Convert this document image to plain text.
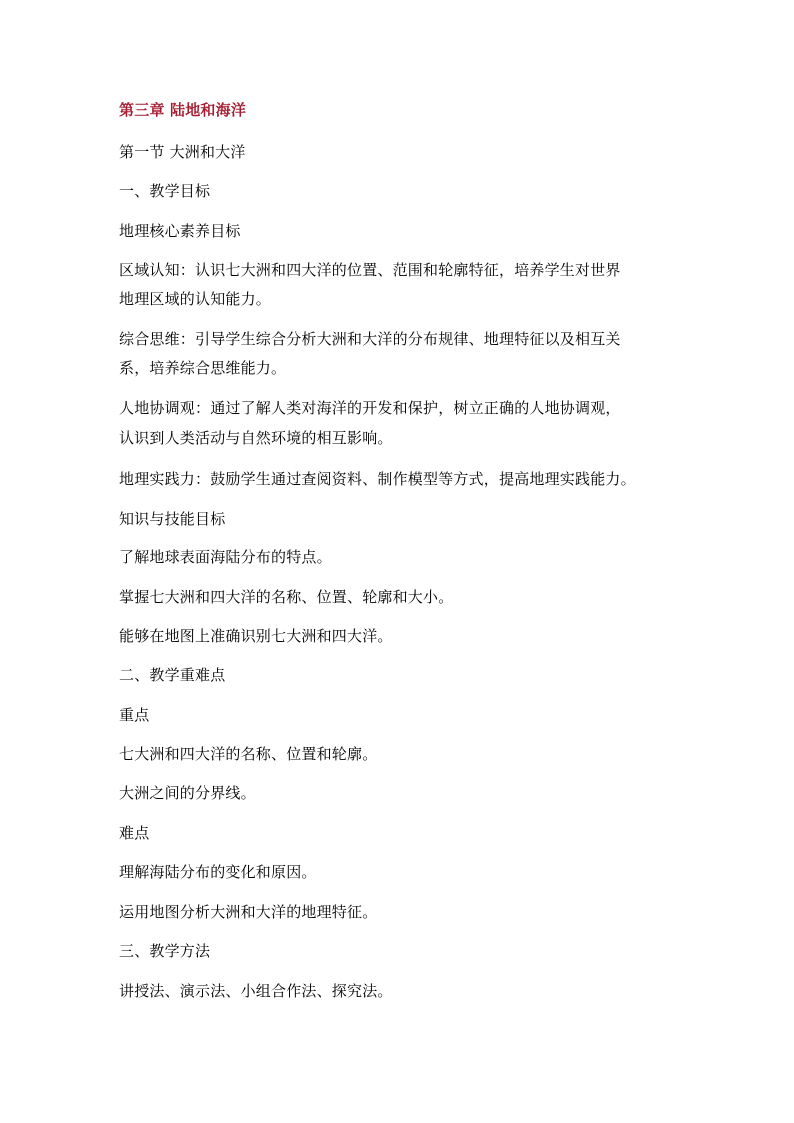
第三章 陆地和海洋
第一节 大洲和大洋
一、教学目标
地理核心素养目标
区域认知：认识七大洲和四大洋的位置、范围和轮廓特征，培养学生对世界
地理区域的认知能力。
综合思维：引导学生综合分析大洲和大洋的分布规律、地理特征以及相互关
系，培养综合思维能力。
人地协调观：通过了解人类对海洋的开发和保护，树立正确的人地协调观，
认识到人类活动与自然环境的相互影响。
地理实践力：鼓励学生通过查阅资料、制作模型等方式，提高地理实践能力。
知识与技能目标
了解地球表面海陆分布的特点。
掌握七大洲和四大洋的名称、位置、轮廓和大小。
能够在地图上准确识别七大洲和四大洋。
二、教学重难点
重点
七大洲和四大洋的名称、位置和轮廓。
大洲之间的分界线。
难点
理解海陆分布的变化和原因。
运用地图分析大洲和大洋的地理特征。
三、教学方法
讲授法、演示法、小组合作法、探究法。
